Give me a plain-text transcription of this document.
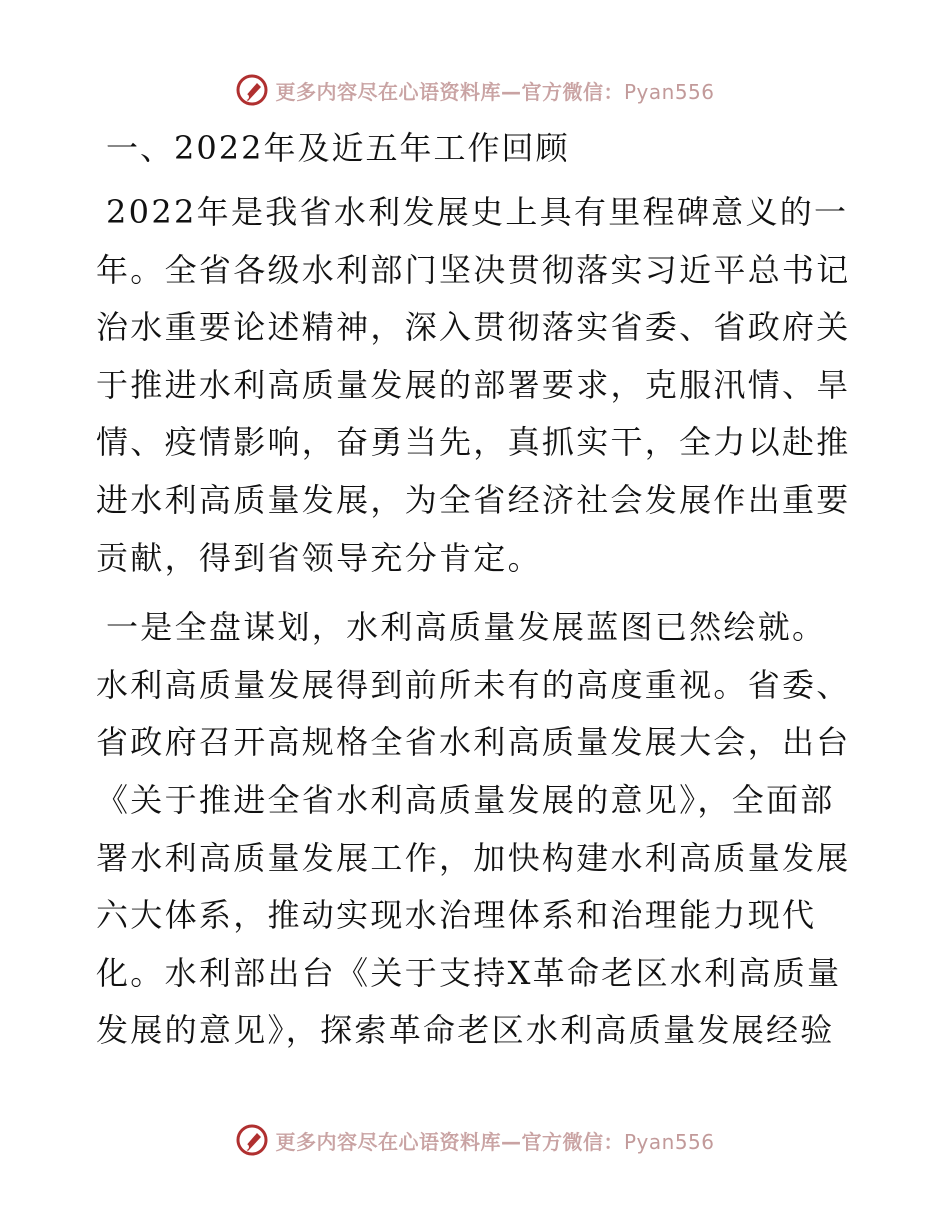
更多内容尽在心语资料库—官方微信：Pyan556
一、2022年及近五年工作回顾

2022年是我省水利发展史上具有里程碑意义的一
年。全省各级水利部门坚决贯彻落实习近平总书记
治水重要论述精神，深入贯彻落实省委、省政府关
于推进水利高质量发展的部署要求，克服汛情、旱
情、疫情影响，奋勇当先，真抓实干，全力以赴推
进水利高质量发展，为全省经济社会发展作出重要
贡献，得到省领导充分肯定。

一是全盘谋划，水利高质量发展蓝图已然绘就。
水利高质量发展得到前所未有的高度重视。省委、
省政府召开高规格全省水利高质量发展大会，出台
《关于推进全省水利高质量发展的意见》，全面部
署水利高质量发展工作，加快构建水利高质量发展
六大体系，推动实现水治理体系和治理能力现代
化。水利部出台《关于支持X革命老区水利高质量
发展的意见》，探索革命老区水利高质量发展经验

更多内容尽在心语资料库—官方微信：Pyan556
